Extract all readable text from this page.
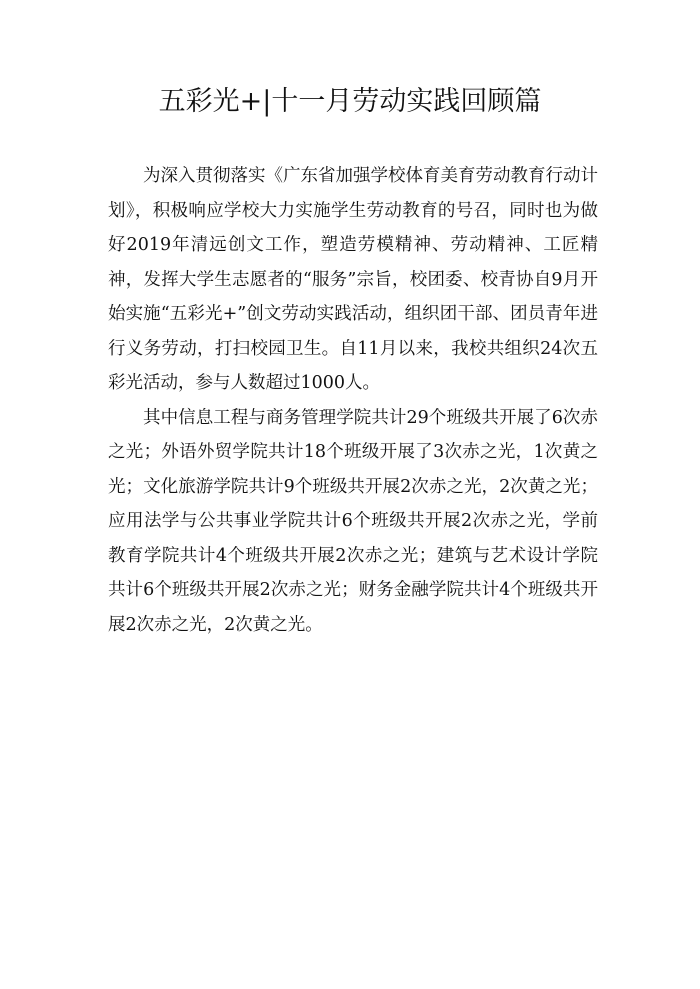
五彩光+|十一月劳动实践回顾篇

为深入贯彻落实《广东省加强学校体育美育劳动教育行动计划》，积极响应学校大力实施学生劳动教育的号召，同时也为做好2019年清远创文工作，塑造劳模精神、劳动精神、工匠精神，发挥大学生志愿者的“服务”宗旨，校团委、校青协自9月开始实施“五彩光+”创文劳动实践活动，组织团干部、团员青年进行义务劳动，打扫校园卫生。自11月以来，我校共组织24次五彩光活动，参与人数超过1000人。

其中信息工程与商务管理学院共计29个班级共开展了6次赤之光；外语外贸学院共计18个班级开展了3次赤之光，1次黄之光；文化旅游学院共计9个班级共开展2次赤之光，2次黄之光；应用法学与公共事业学院共计6个班级共开展2次赤之光，学前教育学院共计4个班级共开展2次赤之光；建筑与艺术设计学院共计6个班级共开展2次赤之光；财务金融学院共计4个班级共开展2次赤之光，2次黄之光。
